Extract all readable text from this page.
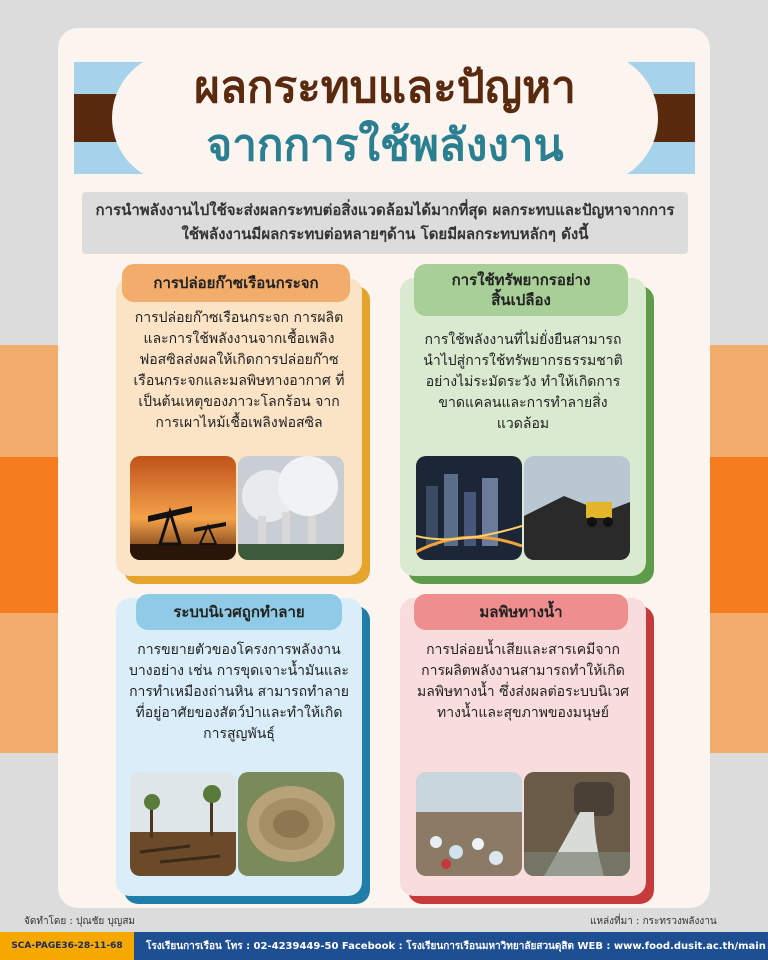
ผลกระทบและปัญหา
จากการใช้พลังงาน
การนำพลังงานไปใช้จะส่งผลกระทบต่อสิ่งแวดล้อมได้มากที่สุด ผลกระทบและปัญหาจากการใช้พลังงานมีผลกระทบต่อหลายๆด้าน โดยมีผลกระทบหลักๆ ดังนี้
การปล่อยก๊าซเรือนกระจก
การปล่อยก๊าซเรือนกระจก การผลิตและการใช้พลังงานจากเชื้อเพลิงฟอสซิลส่งผลให้เกิดการปล่อยก๊าซเรือนกระจกและมลพิษทางอากาศ ที่เป็นต้นเหตุของภาวะโลกร้อน จากการเผาไหม้เชื้อเพลิงฟอสซิล
การใช้ทรัพยากรอย่างสิ้นเปลือง
การใช้พลังงานที่ไม่ยั่งยืนสามารถนำไปสู่การใช้ทรัพยากรธรรมชาติอย่างไม่ระมัดระวัง ทำให้เกิดการขาดแคลนและการทำลายสิ่งแวดล้อม
ระบบนิเวศถูกทำลาย
การขยายตัวของโครงการพลังงานบางอย่าง เช่น การขุดเจาะน้ำมันและการทำเหมืองถ่านหิน สามารถทำลายที่อยู่อาศัยของสัตว์ป่าและทำให้เกิดการสูญพันธุ์
มลพิษทางน้ำ
การปล่อยน้ำเสียและสารเคมีจากการผลิตพลังงานสามารถทำให้เกิดมลพิษทางน้ำ ซึ่งส่งผลต่อระบบนิเวศทางน้ำและสุขภาพของมนุษย์
จัดทำโดย : ปุณชัย บุญสม	แหล่งที่มา : กระทรวงพลังงาน
SCA-PAGE36-28-11-68	โรงเรียนการเรือน โทร : 02-4239449-50 Facebook : โรงเรียนการเรือนมหาวิทยาลัยสวนดุสิต WEB : www.food.dusit.ac.th/main
